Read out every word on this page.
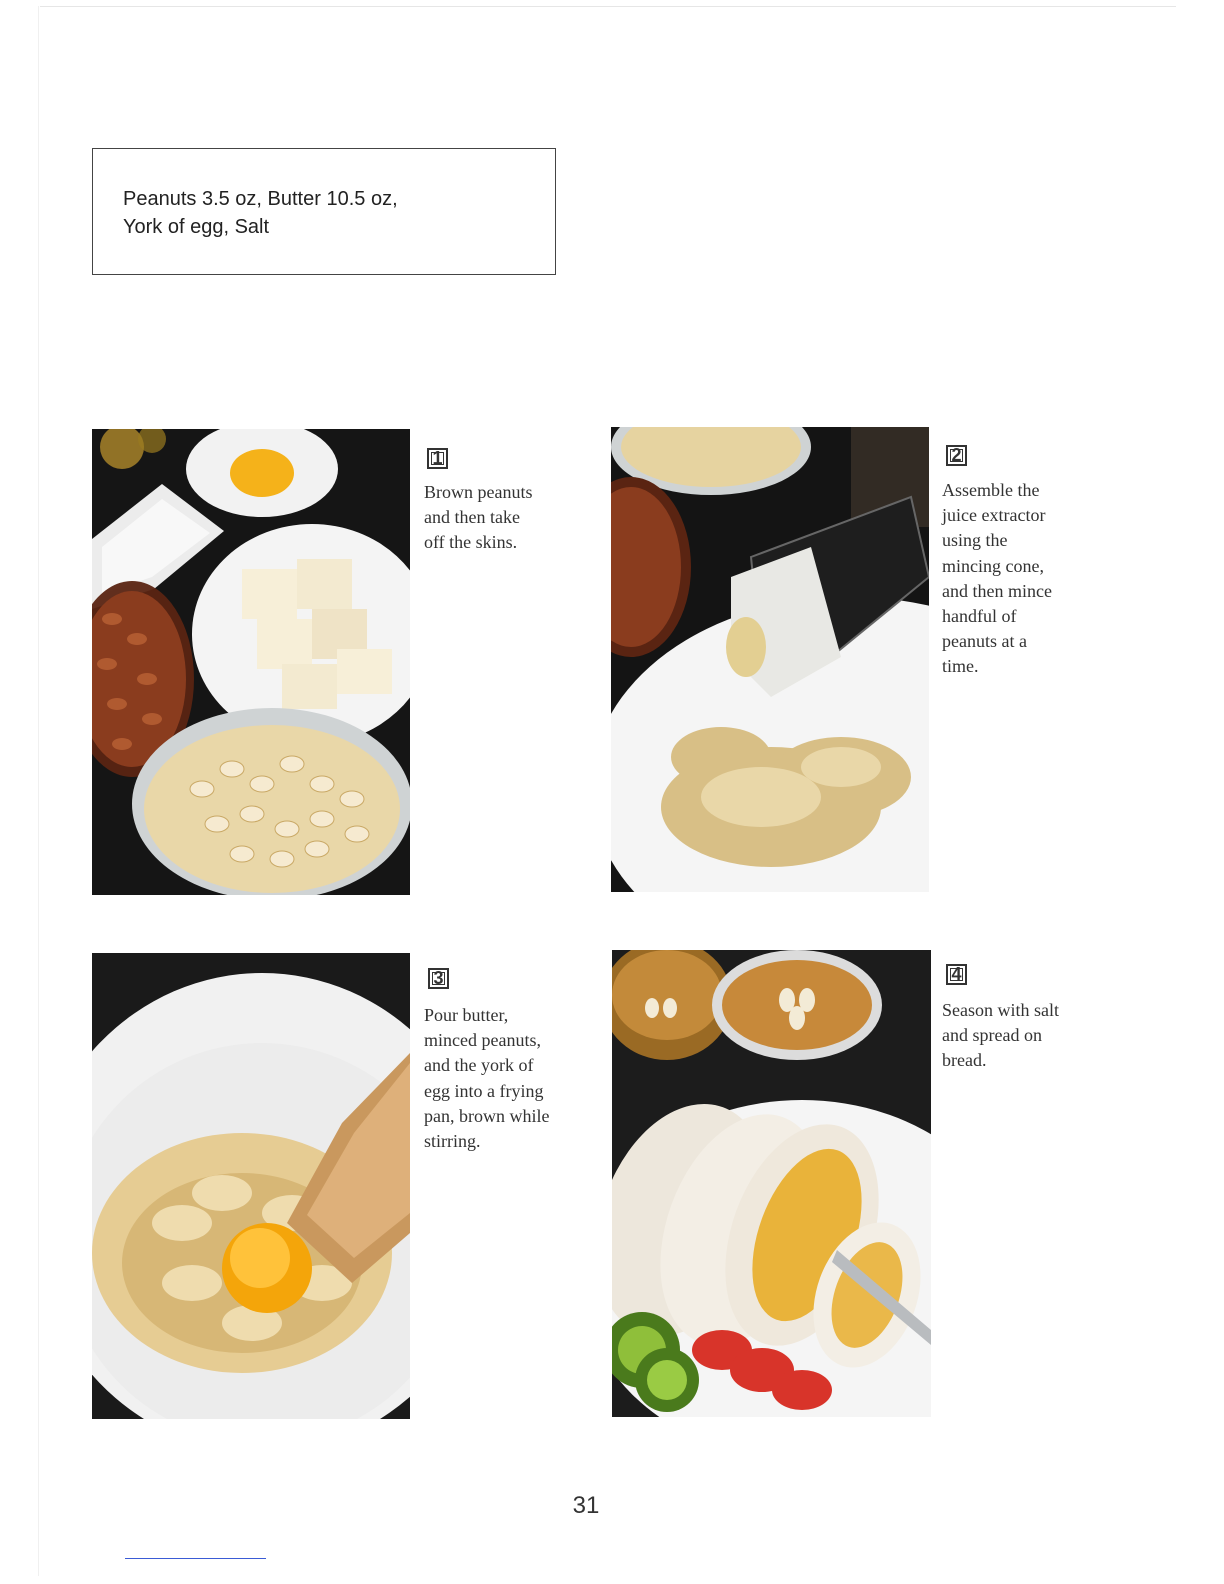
Peanuts 3.5 oz, Butter 10.5 oz,

York of egg, Salt

1

Brown peanuts
and then take
off the skins.

2

Assemble the
juice extractor
using the
mincing cone,
and then mince
handful of
peanuts at a
time.

3

Pour butter,
minced peanuts,
and the york of
egg into a frying
pan, brown while
stirring.

4

Season with salt
and spread on
bread.

31
